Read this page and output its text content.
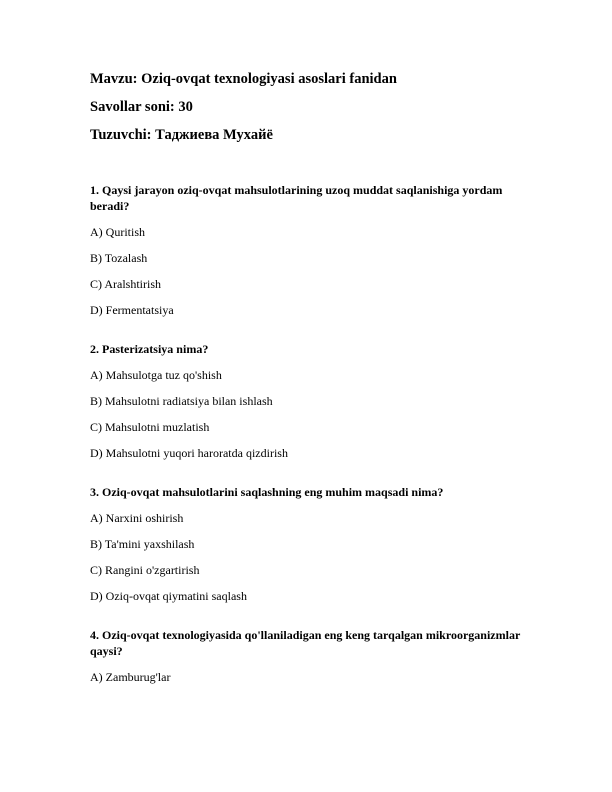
Mavzu: Oziq-ovqat texnologiyasi asoslari fanidan

Savollar soni: 30

Tuzuvchi: Таджиева Мухайё

1. Qaysi jarayon oziq-ovqat mahsulotlarining uzoq muddat saqlanishiga yordam beradi?

A) Quritish

B) Tozalash

C) Aralshtirish

D) Fermentatsiya

2. Pasterizatsiya nima?

A) Mahsulotga tuz qo'shish

B) Mahsulotni radiatsiya bilan ishlash

C) Mahsulotni muzlatish

D) Mahsulotni yuqori haroratda qizdirish

3. Oziq-ovqat mahsulotlarini saqlashning eng muhim maqsadi nima?

A) Narxini oshirish

B) Ta'mini yaxshilash

C) Rangini o'zgartirish

D) Oziq-ovqat qiymatini saqlash

4. Oziq-ovqat texnologiyasida qo'llaniladigan eng keng tarqalgan mikroorganizmlar qaysi?

A) Zamburug'lar
